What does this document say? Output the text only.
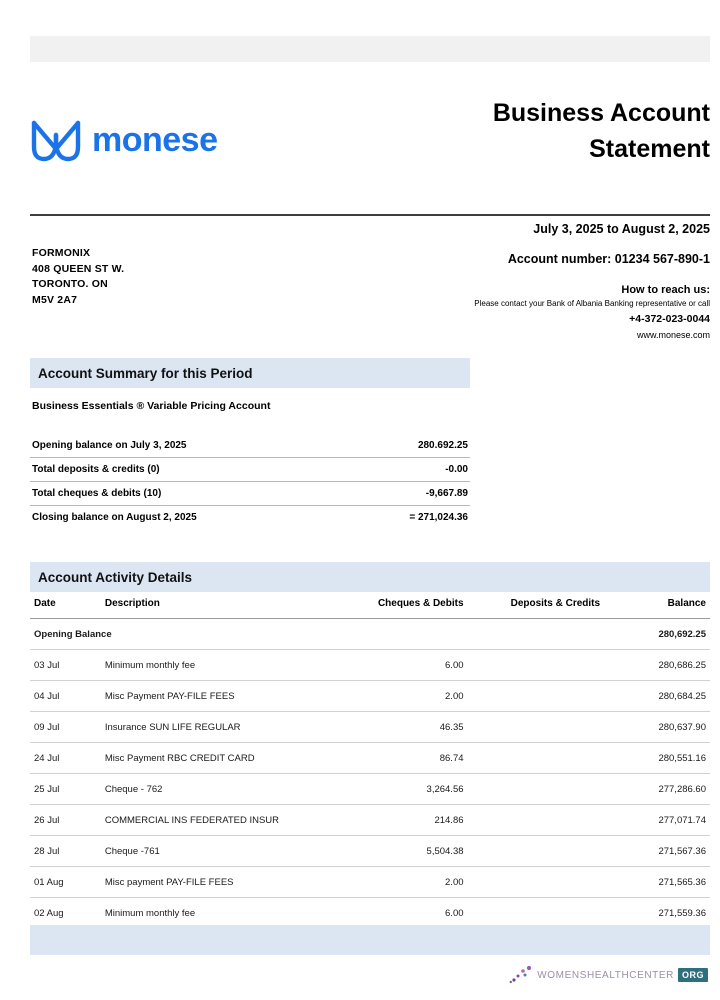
monese
Business Account
Statement
FORMONIX
408 QUEEN ST W.
TORONTO. ON
M5V 2A7
July 3, 2025 to August 2, 2025
Account number: 01234 567-890-1
How to reach us:
Please contact your Bank of Albania Banking representative or call
+4-372-023-0044
www.monese.com
Account Summary for this Period
Business Essentials ® Variable Pricing Account
Opening balance on July 3, 2025	280.692.25
Total deposits & credits (0)	-0.00
Total cheques & debits (10)	-9,667.89
Closing balance on August 2, 2025	= 271,024.36
Account Activity Details
Date	Description	Cheques & Debits	Deposits & Credits	Balance
Opening Balance				280,692.25
03 Jul	Minimum monthly fee	6.00		280,686.25
04 Jul	Misc Payment PAY-FILE FEES	2.00		280,684.25
09 Jul	Insurance SUN LIFE REGULAR	46.35		280,637.90
24 Jul	Misc Payment RBC CREDIT CARD	86.74		280,551.16
25 Jul	Cheque - 762	3,264.56		277,286.60
26 Jul	COMMERCIAL INS FEDERATED INSUR	214.86		277,071.74
28 Jul	Cheque -761	5,504.38		271,567.36
01 Aug	Misc payment PAY-FILE FEES	2.00		271,565.36
02 Aug	Minimum monthly fee	6.00		271,559.36
WOMENSHEALTHCENTER ORG
